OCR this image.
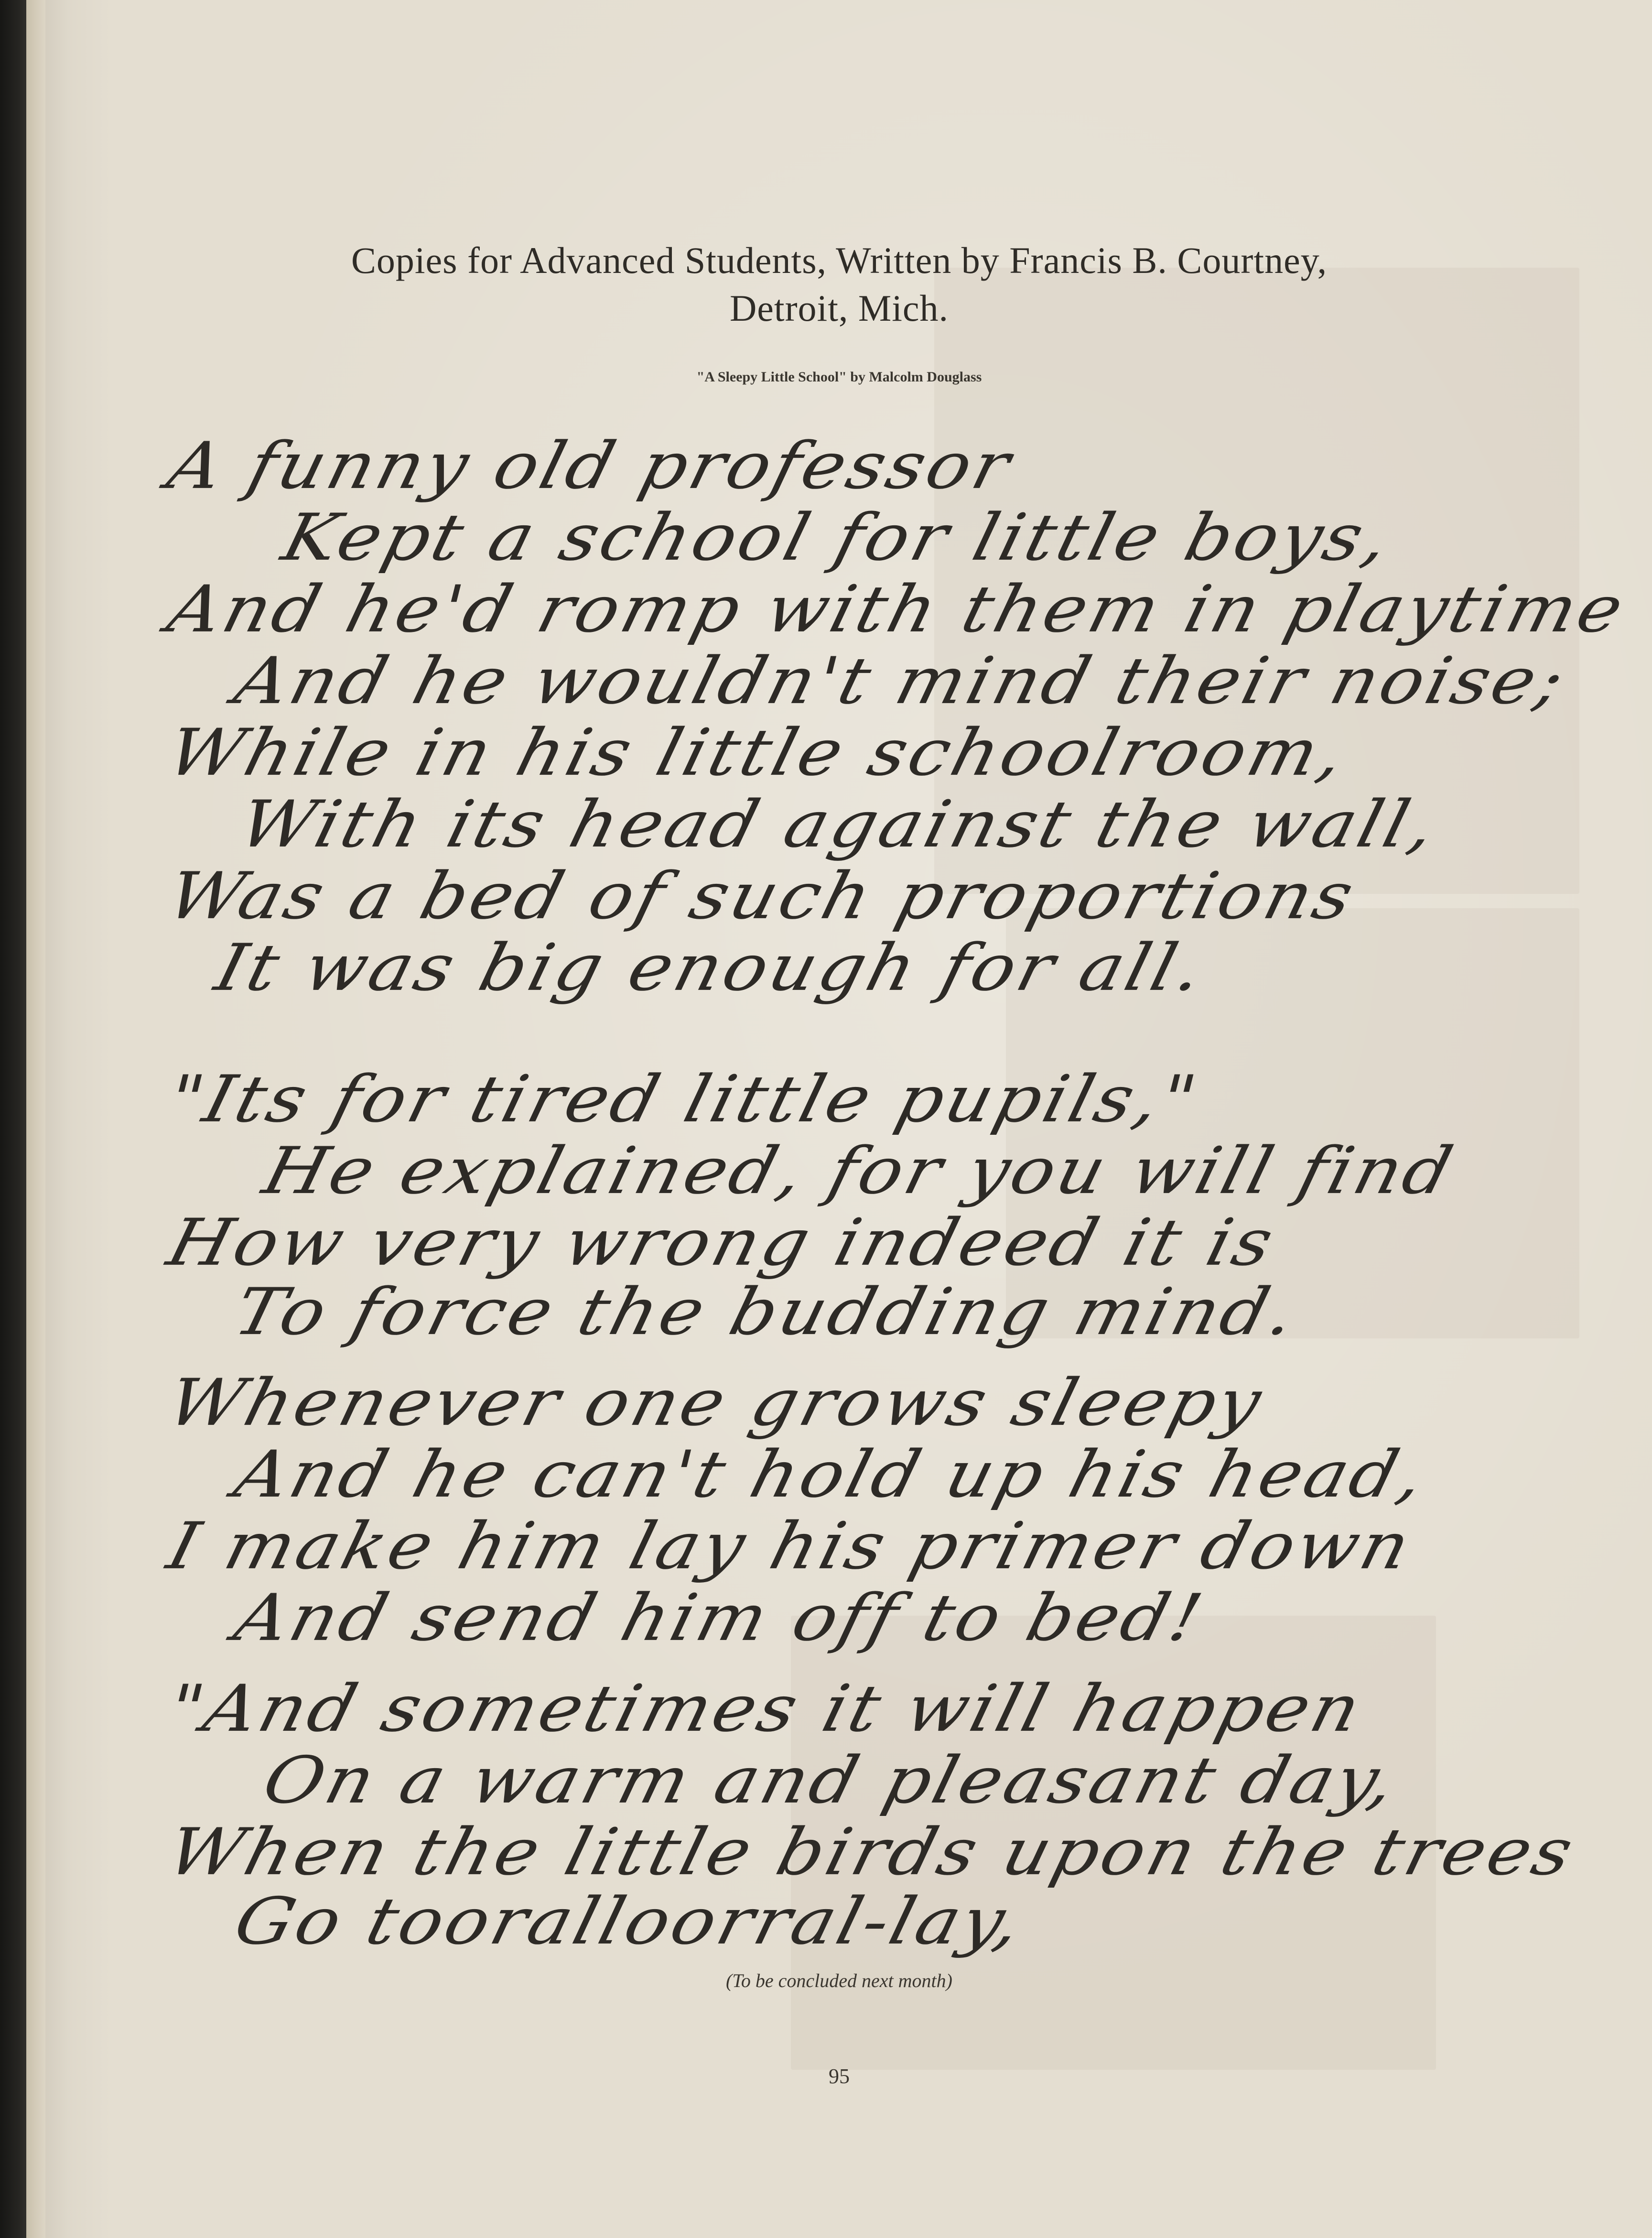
Copies for Advanced Students, Written by Francis B. Courtney,
Detroit, Mich.
"A Sleepy Little School" by Malcolm Douglass
A funny old professor
Kept a school for little boys,
And he'd romp with them in playtime
And he wouldn't mind their noise;
While in his little schoolroom,
With its head against the wall,
Was a bed of such proportions
It was big enough for all.
"Its for tired little pupils,"
He explained, for you will find
How very wrong indeed it is
To force the budding mind.
Whenever one grows sleepy
And he can't hold up his head,
I make him lay his primer down
And send him off to bed!
"And sometimes it will happen
On a warm and pleasant day,
When the little birds upon the trees
Go tooralloorral-lay,
(To be concluded next month)
95
